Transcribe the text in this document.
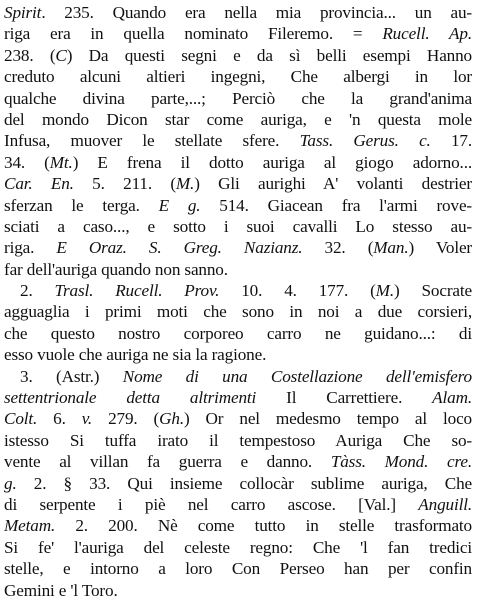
Spirit. 235. Quando era nella mia provincia... un au-
riga era in quella nominato Fileremo. = Rucell. Ap.
238. (C) Da questi segni e da sì belli esempi Hanno
creduto alcuni altieri ingegni, Che albergi in lor
qualche divina parte,...; Perciò che la grand'anima
del mondo Dicon star come auriga, e 'n questa mole
Infusa, muover le stellate sfere. Tass. Gerus. c. 17.
34. (Mt.) E frena il dotto auriga al giogo adorno...
Car. En. 5. 211. (M.) Gli aurighi A' volanti destrier
sferzan le terga. E g. 514. Giacean fra l'armi rove-
sciati a caso..., e sotto i suoi cavalli Lo stesso au-
riga. E Oraz. S. Greg. Nazianz. 32. (Man.) Voler
far dell'auriga quando non sanno.
2. Trasl. Rucell. Prov. 10. 4. 177. (M.) Socrate
agguaglia i primi moti che sono in noi a due corsieri,
che questo nostro corporeo carro ne guidano...: di
esso vuole che auriga ne sia la ragione.
3. (Astr.) Nome di una Costellazione dell'emisfero
settentrionale detta altrimenti Il Carrettiere. Alam.
Colt. 6. v. 279. (Gh.) Or nel medesmo tempo al loco
istesso Si tuffa irato il tempestoso Auriga Che so-
vente al villan fa guerra e danno. Tàss. Mond. cre.
g. 2. § 33. Qui insieme collocàr sublime auriga, Che
di serpente i piè nel carro ascose. [Val.] Anguill.
Metam. 2. 200. Nè come tutto in stelle trasformato
Si fe' l'auriga del celeste regno: Che 'l fan tredici
stelle, e intorno a loro Con Perseo han per confin
Gemini e 'l Toro.
